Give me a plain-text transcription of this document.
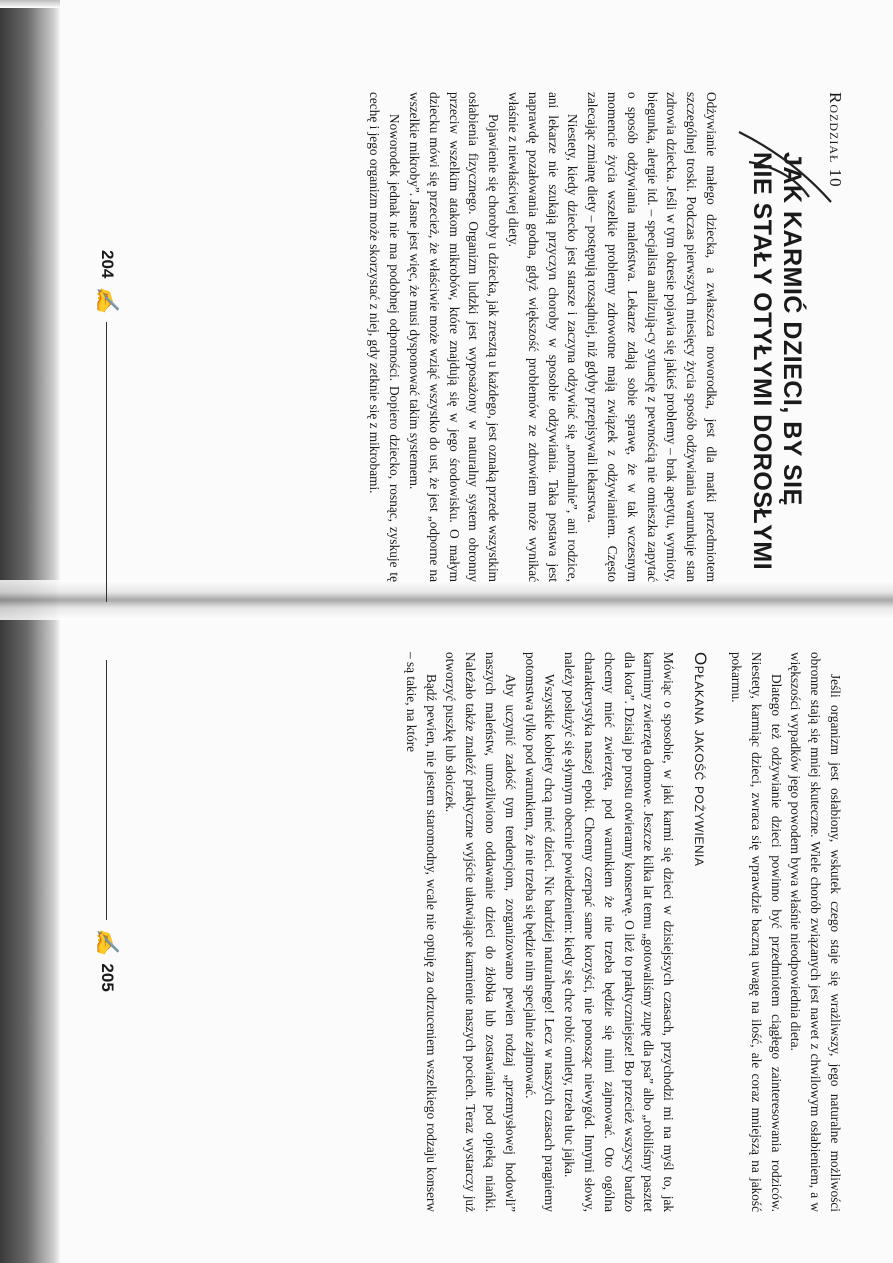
Rozdział 10
JAK KARMIĆ DZIECI, BY SIĘ
NIE STAŁY OTYŁYMI DOROSŁYMI

Odżywianie małego dziecka, a zwłaszcza noworodka, jest dla matki przedmiotem szczególnej troski. Podczas pierwszych miesięcy życia sposób odżywiania warunkuje stan zdrowia dziecka. Jeśli w tym okresie pojawia się jakieś problemy – brak apetytu, wymioty, biegunka, alergie itd. – specjalista analizują-cy sytuację z pewnością nie omieszka zapytać o sposób odżywiania maleństwa. Lekarze zdają sobie sprawę, że w tak wczesnym momencie życia wszelkie problemy zdrowotne mają związek z odżywianiem. Często zalecając zmianę diety – postępują rozsądniej, niż gdyby przepisywali lekarstwa.

Niestety, kiedy dziecko jest starsze i zaczyna odżywiać się „normalnie”, ani rodzice, ani lekarze nie szukają przyczyn choroby w sposobie odżywiania. Taka postawa jest naprawdę pozałowania godna, gdyż większość problemów ze zdrowiem może wynikać właśnie z niewłaściwej diety.

Pojawienie się choroby u dziecka, jak zresztą u każdego, jest oznaką przede wszystkim osłabienia fizycznego. Organizm ludzki jest wyposażony w naturalny system obronny przeciw wszelkim atakom mikrobów, które znajdują się w jego środowisku. O małym dziecku mówi się przecież, że właściwie może wziąć wszystko do ust, że jest „odporne na wszelkie mikroby”. Jasne jest więc, że musi dysponować takim systemem.

Noworodek jednak nie ma podobnej odporności. Dopiero dziecko, rosnąc, zyskuje tę cechę i jego organizm może skorzystać z niej, gdy zetknie się z mikrobami.

204
✍

Jeśli organizm jest osłabiony, wskutek czego staje się wrażliwszy, jego naturalne możliwości obronne stają się mniej skuteczne. Wiele chorób związanych jest nawet z chwilowym osłabieniem, a w większości wypadków jego powodem bywa właśnie nieodpowiednia dieta.

Dlatego też odżywianie dzieci powinno być przedmiotem ciągłego zainteresowania rodziców. Niestety, karmiąc dzieci, zwraca się wprawdzie baczną uwagę na ilość, ale coraz mniejszą na jakość pokarmu.

Opłakana jakość pożywienia

Mówiąc o sposobie, w jaki karmi się dzieci w dzisiejszych czasach, przychodzi mi na myśl to, jak karmimy zwierzęta domowe. Jeszcze kilka lat temu „gotowaliśmy zupę dla psa” albo „robiliśmy pasztet dla kota”. Dzisiaj po prostu otwieramy konserwę. O ileż to praktyczniejsze! Bo przecież wszyscy bardzo chcemy mieć zwierzęta, pod warunkiem że nie trzeba będzie się nimi zajmować. Oto ogólna charakterystyka naszej epoki. Chcemy czerpać same korzyści, nie ponosząc niewygód. Innymi słowy, należy posłużyć się słynnym obecnie powiedzeniem: kiedy się chce robić omlety, trzeba tłuc jajka.

Wszystkie kobiety chcą mieć dzieci. Nic bardziej naturalnego! Lecz w naszych czasach pragniemy potomstwa tylko pod warunkiem, że nie trzeba się będzie nim specjalnie zajmować.

Aby uczynić zadość tym tendencjom, zorganizowano pewien rodzaj „przemysłowej hodowli” naszych maleństw, umożliwiono oddawanie dzieci do żłobka lub zostawianie pod opieką niańki. Należało także znaleźć praktyczne wyjście ułatwiające karmienie naszych pociech. Teraz wystarczy już otworzyć puszkę lub słoiczek.

Bądź pewien, nie jestem staromodny, wcale nie optuję za odrzuceniem wszelkiego rodzaju konserw – są takie, na które

✍
205
